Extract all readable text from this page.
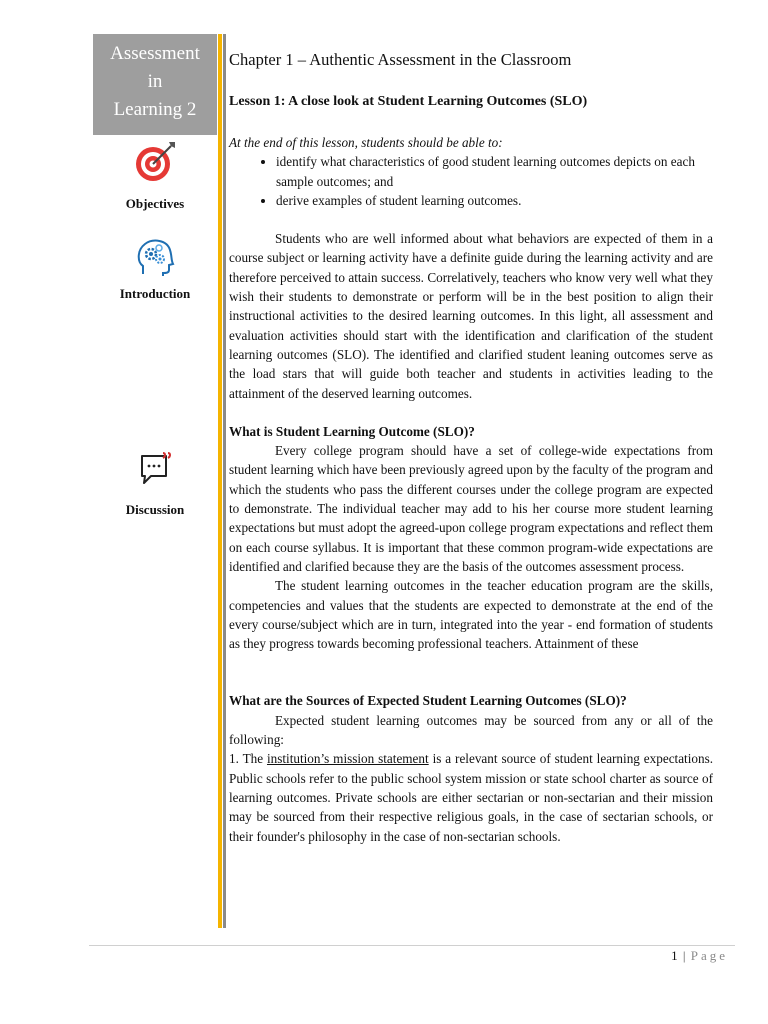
Assessment
in
Learning 2
Objectives
Introduction
Discussion
Chapter 1 – Authentic Assessment in the Classroom
Lesson 1: A close look at Student Learning Outcomes (SLO)

At the end of this lesson, students should be able to:

• identify what characteristics of good student learning outcomes depicts on each sample outcomes; and
• derive examples of student learning outcomes.

Students who are well informed about what behaviors are expected of them in a course subject or learning activity have a definite guide during the learning activity and are therefore perceived to attain success. Correlatively, teachers who know very well what they wish their students to demonstrate or perform will be in the best position to align their instructional activities to the desired learning outcomes. In this light, all assessment and evaluation activities should start with the identification and clarification of the student learning outcomes (SLO). The identified and clarified student leaning outcomes serve as the load stars that will guide both teacher and students in activities leading to the attainment of the deserved learning outcomes.

What is Student Learning Outcome (SLO)?

Every college program should have a set of college-wide expectations from student learning which have been previously agreed upon by the faculty of the program and which the students who pass the different courses under the college program are expected to demonstrate. The individual teacher may add to his her course more student learning expectations but must adopt the agreed-upon college program expectations and reflect them on each course syllabus. It is important that these common program-wide expectations are identified and clarified because they are the basis of the outcomes assessment process.

The student learning outcomes in the teacher education program are the skills, competencies and values that the students are expected to demonstrate at the end of the every course/subject which are in turn, integrated into the year - end formation of students as they progress towards becoming professional teachers. Attainment of these

What are the Sources of Expected Student Learning Outcomes (SLO)?

Expected student learning outcomes may be sourced from any or all of the following:

1. The institution’s mission statement is a relevant source of student learning expectations. Public schools refer to the public school system mission or state school charter as source of learning outcomes. Private schools are either sectarian or non-sectarian and their mission may be sourced from their respective religious goals, in the case of sectarian schools, or their founder's philosophy in the case of non-sectarian schools.

1 | Page
